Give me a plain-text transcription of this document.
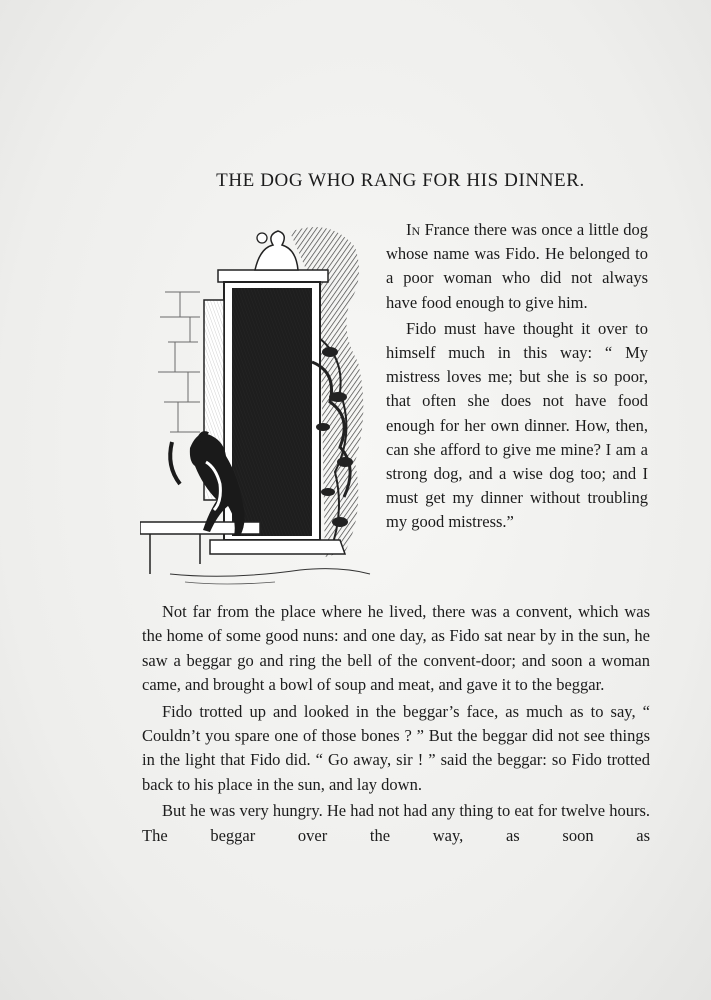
THE DOG WHO RANG FOR HIS DINNER.

In France there was once a little dog whose name was Fido. He belonged to a poor woman who did not always have food enough to give him.

Fido must have thought it over to himself much in this way: “ My mistress loves me; but she is so poor, that often she does not have food enough for her own dinner. How, then, can she afford to give me mine? I am a strong dog, and a wise dog too; and I must get my dinner without troubling my good mistress.”

Not far from the place where he lived, there was a convent, which was the home of some good nuns: and one day, as Fido sat near by in the sun, he saw a beggar go and ring the bell of the convent-door; and soon a woman came, and brought a bowl of soup and meat, and gave it to the beggar.

Fido trotted up and looked in the beggar’s face, as much as to say, “ Couldn’t you spare one of those bones ? ” But the beggar did not see things in the light that Fido did. “ Go away, sir ! ” said the beggar: so Fido trotted back to his place in the sun, and lay down.

But he was very hungry. He had not had any thing to eat for twelve hours. The beggar over the way, as soon as
